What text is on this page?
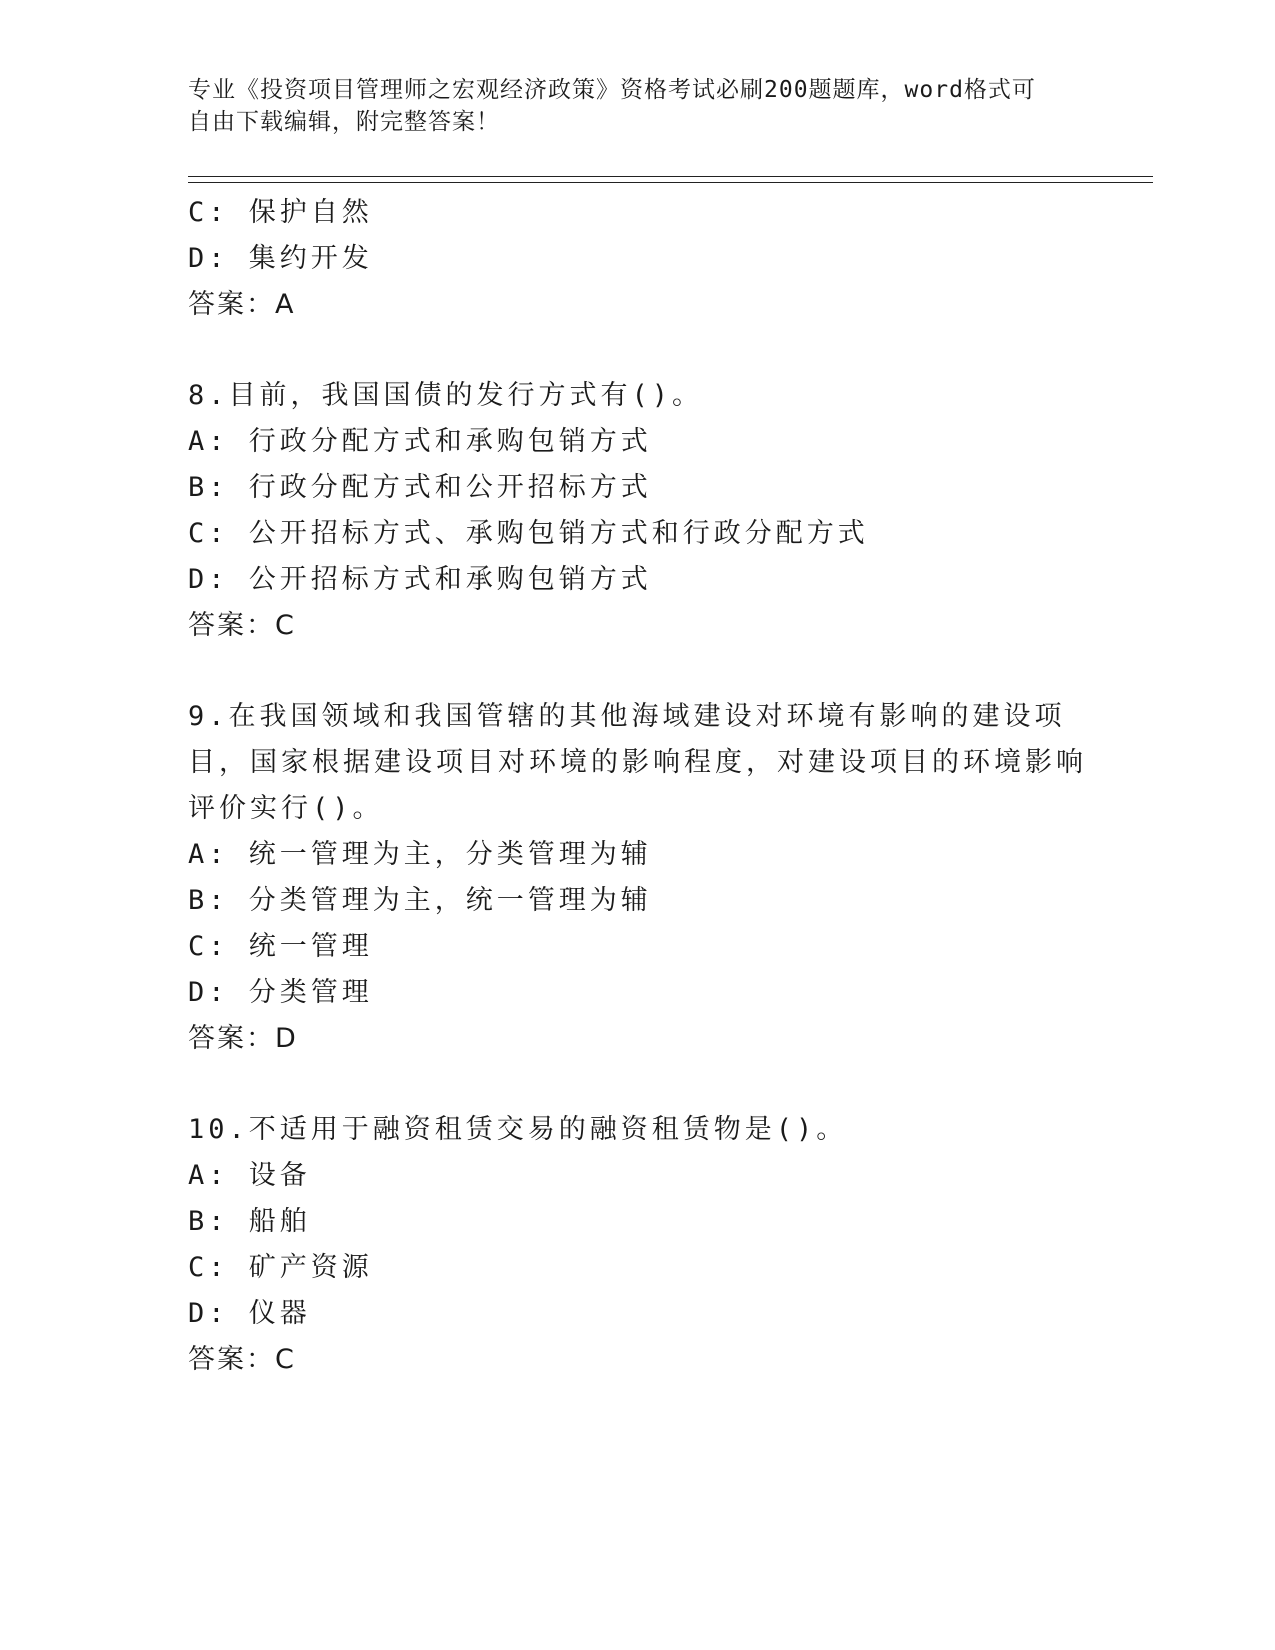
专业《投资项目管理师之宏观经济政策》资格考试必刷200题题库，word格式可
自由下载编辑，附完整答案！
C: 保护自然
D: 集约开发
答案：A
8.目前，我国国债的发行方式有()。
A: 行政分配方式和承购包销方式
B: 行政分配方式和公开招标方式
C: 公开招标方式、承购包销方式和行政分配方式
D: 公开招标方式和承购包销方式
答案：C
9.在我国领域和我国管辖的其他海域建设对环境有影响的建设项目，国家根据建设项目对环境的影响程度，对建设项目的环境影响评价实行()。
A: 统一管理为主，分类管理为辅
B: 分类管理为主，统一管理为辅
C: 统一管理
D: 分类管理
答案：D
10.不适用于融资租赁交易的融资租赁物是()。
A: 设备
B: 船舶
C: 矿产资源
D: 仪器
答案：C
